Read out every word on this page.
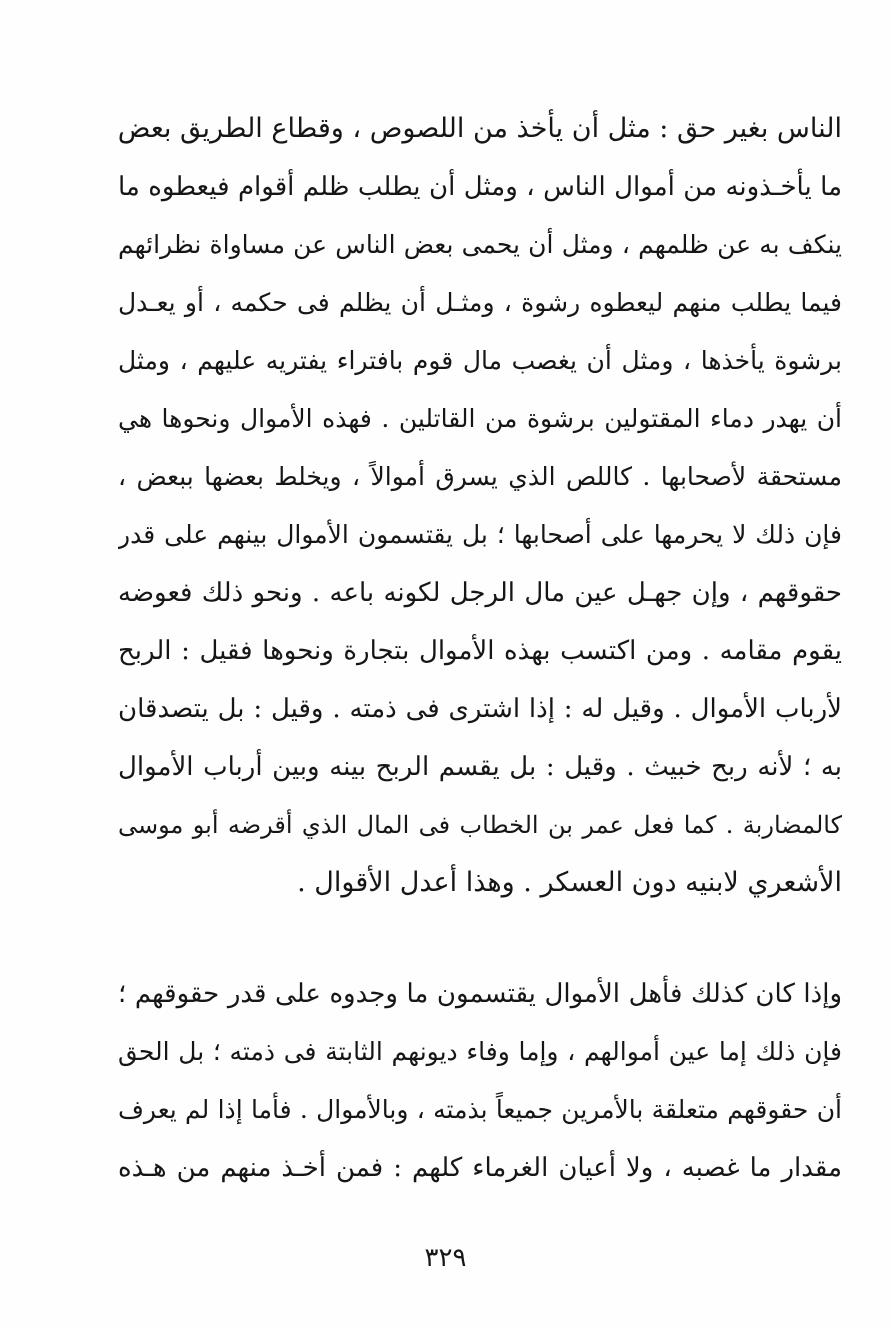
الناس بغير حق : مثل أن يأخذ من اللصوص ، وقطاع الطريق بعض
ما يأخـذونه من أموال الناس ، ومثل أن يطلب ظلم أقوام فيعطوه ما
ينكف به عن ظلمهم ، ومثل أن يحمى بعض الناس عن مساواة نظرائهم
فيما يطلب منهم ليعطوه رشوة ، ومثـل أن يظلم فى حكمه ، أو يعـدل
برشوة يأخذها ، ومثل أن يغصب مال قوم بافتراء يفتريه عليهم ، ومثل
أن يهدر دماء المقتولين برشوة من القاتلين . فهذه الأموال ونحوها هي
مستحقة لأصحابها . كاللص الذي يسرق أموالاً ، ويخلط بعضها ببعض ،
فإن ذلك لا يحرمها على أصحابها ؛ بل يقتسمون الأموال بينهم على قدر
حقوقهم ، وإن جهـل عين مال الرجل لكونه باعه . ونحو ذلك فعوضه
يقوم مقامه . ومن اكتسب بهذه الأموال بتجارة ونحوها فقيل : الربح
لأرباب الأموال . وقيل له : إذا اشترى فى ذمته . وقيل : بل يتصدقان
به ؛ لأنه ربح خبيث . وقيل : بل يقسم الربح بينه وبين أرباب الأموال
كالمضاربة . كما فعل عمر بن الخطاب فى المال الذي أقرضه أبو موسى
الأشعري لابنيه دون العسكر . وهذا أعدل الأقوال .
وإذا كان كذلك فأهل الأموال يقتسمون ما وجدوه على قدر حقوقهم ؛
فإن ذلك إما عين أموالهم ، وإما وفاء ديونهم الثابتة فى ذمته ؛ بل الحق
أن حقوقهم متعلقة بالأمرين جميعاً بذمته ، وبالأموال . فأما إذا لم يعرف
مقدار ما غصبه ، ولا أعيان الغرماء كلهم : فمن أخـذ منهم من هـذه
٣٢٩
